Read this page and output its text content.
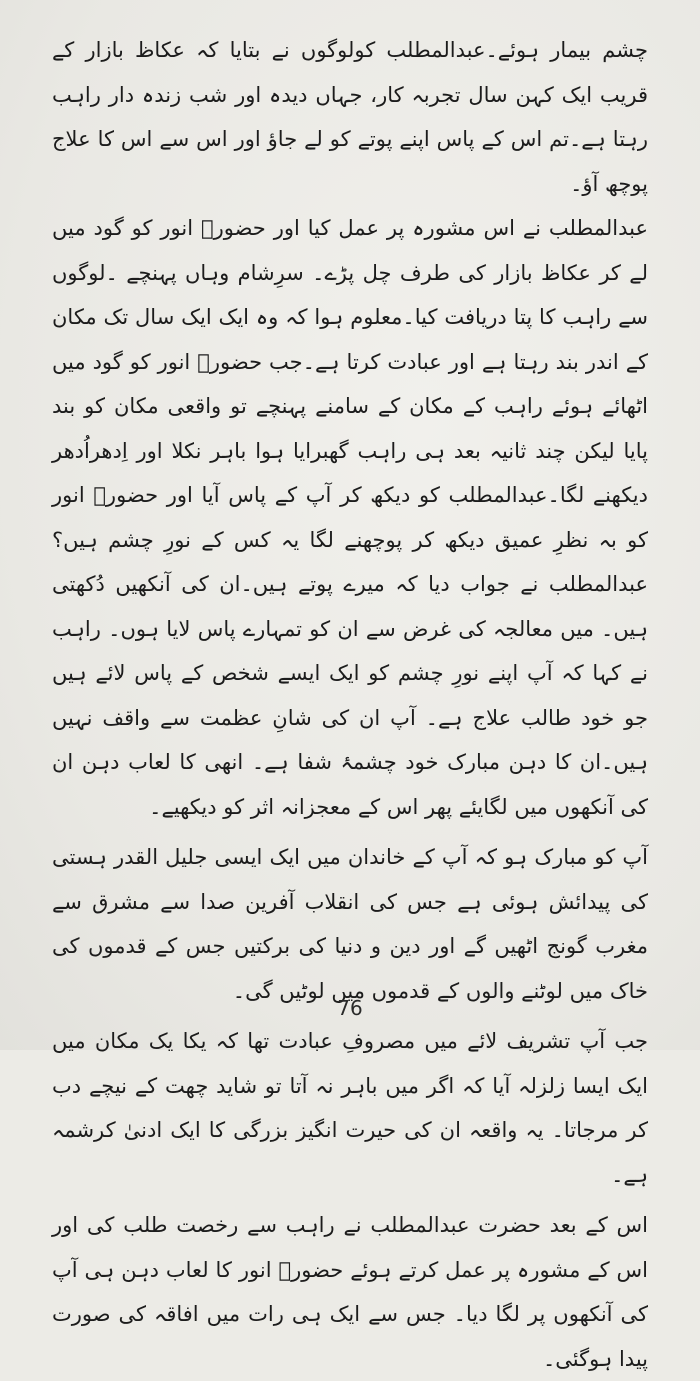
چشم بیمار ہوئے۔عبدالمطلب کولوگوں نے بتایا کہ عکاظ بازار کے قریب ایک کہن سال تجربہ کار، جہاں دیدہ اور شب زندہ دار راہب رہتا ہے۔تم اس کے پاس اپنے پوتے کو لے جاؤ اور اس سے اس کا علاج پوچھ آؤ۔

عبدالمطلب نے اس مشورہ پر عمل کیا اور حضورؐ انور کو گود میں لے کر عکاظ بازار کی طرف چل پڑے۔ سرِشام وہاں پہنچے ۔لوگوں سے راہب کا پتا دریافت کیا۔معلوم ہوا کہ وہ ایک ایک سال تک مکان کے اندر بند رہتا ہے اور عبادت کرتا ہے۔جب حضورؐ انور کو گود میں اٹھائے ہوئے راہب کے مکان کے سامنے پہنچے تو واقعی مکان کو بند پایا لیکن چند ثانیہ بعد ہی راہب گھبرایا ہوا باہر نکلا اور اِدھراُدھر دیکھنے لگا۔عبدالمطلب کو دیکھ کر آپ کے پاس آیا اور حضورؐ انور کو بہ نظرِ عمیق دیکھ کر پوچھنے لگا یہ کس کے نورِ چشم ہیں؟ عبدالمطلب نے جواب دیا کہ میرے پوتے ہیں۔ان کی آنکھیں دُکھتی ہیں۔ میں معالجہ کی غرض سے ان کو تمہارے پاس لایا ہوں۔ راہب نے کہا کہ آپ اپنے نورِ چشم کو ایک ایسے شخص کے پاس لائے ہیں جو خود طالب علاج ہے۔ آپ ان کی شانِ عظمت سے واقف نہیں ہیں۔ان کا دہن مبارک خود چشمۂ شفا ہے۔ انھی کا لعاب دہن ان کی آنکھوں میں لگایئے پھر اس کے معجزانہ اثر کو دیکھیے۔

آپ کو مبارک ہو کہ آپ کے خاندان میں ایک ایسی جلیل القدر ہستی کی پیدائش ہوئی ہے جس کی انقلاب آفرین صدا سے مشرق سے مغرب گونج اٹھیں گے اور دین و دنیا کی برکتیں جس کے قدموں کی خاک میں لوٹنے والوں کے قدموں میں لوٹیں گی۔

جب آپ تشریف لائے میں مصروفِ عبادت تھا کہ یکا یک مکان میں ایک ایسا زلزلہ آیا کہ اگر میں باہر نہ آتا تو شاید چھت کے نیچے دب کر مرجاتا۔ یہ واقعہ ان کی حیرت انگیز بزرگی کا ایک ادنیٰ کرشمہ ہے۔

اس کے بعد حضرت عبدالمطلب نے راہب سے رخصت طلب کی اور اس کے مشورہ پر عمل کرتے ہوئے حضورؐ انور کا لعاب دہن ہی آپ کی آنکھوں پر لگا دیا۔ جس سے ایک ہی رات میں افاقہ کی صورت پیدا ہوگئی۔

76
